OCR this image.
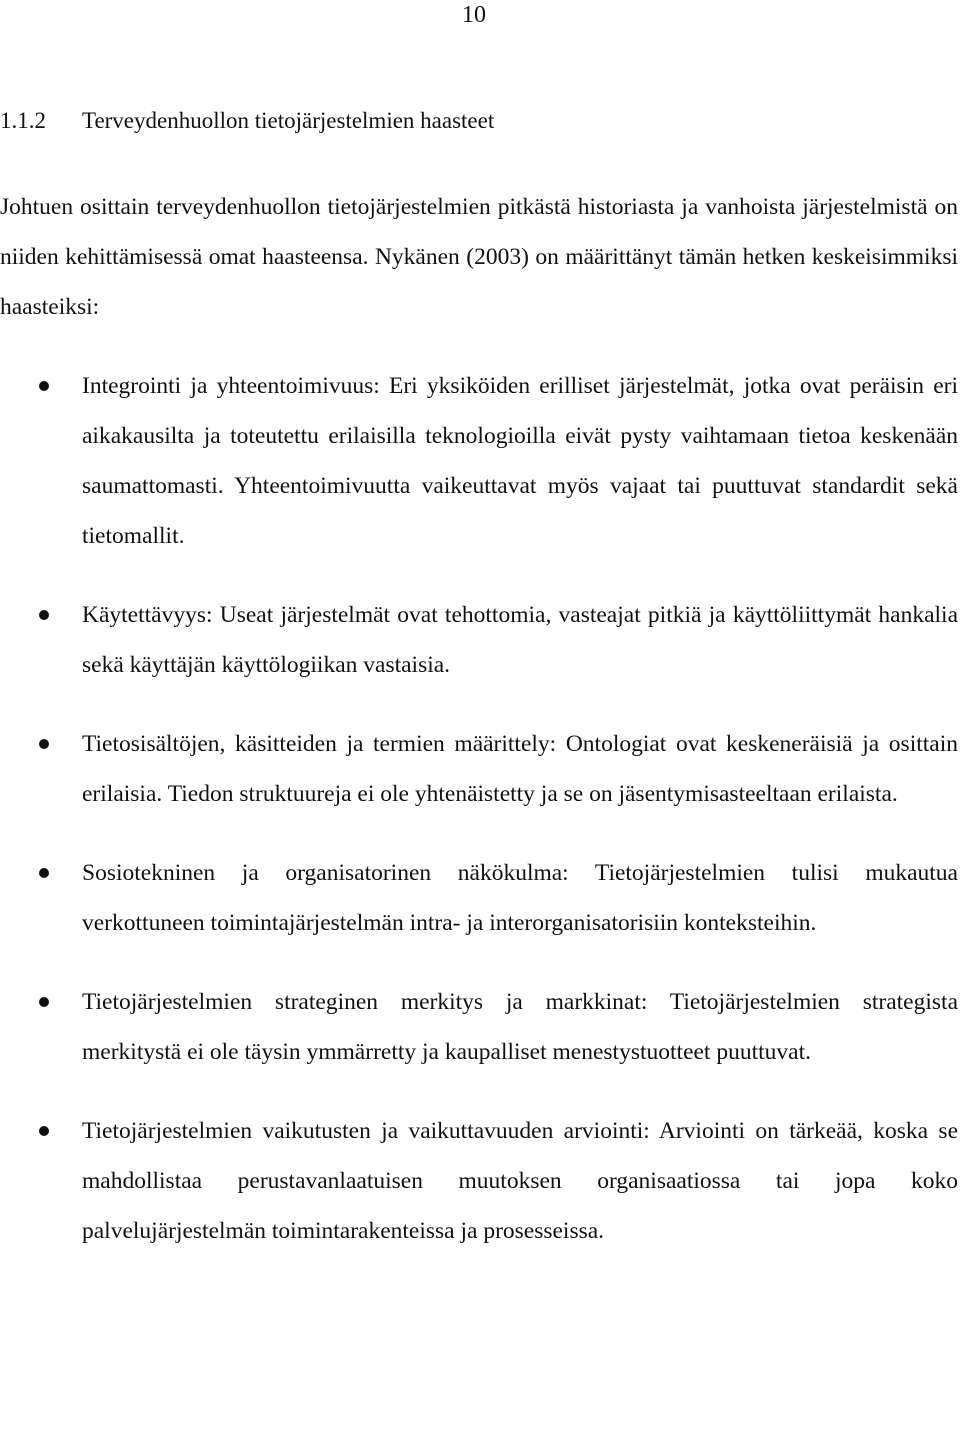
10
1.1.2 Terveydenhuollon tietojärjestelmien haasteet

Johtuen osittain terveydenhuollon tietojärjestelmien pitkästä historiasta ja vanhoista järjestelmistä on niiden kehittämisessä omat haasteensa. Nykänen (2003) on määrittänyt tämän hetken keskeisimmiksi haasteiksi:

Integrointi ja yhteentoimivuus: Eri yksiköiden erilliset järjestelmät, jotka ovat peräisin eri aikakausilta ja toteutettu erilaisilla teknologioilla eivät pysty vaihtamaan tietoa keskenään saumattomasti. Yhteentoimivuutta vaikeuttavat myös vajaat tai puuttuvat standardit sekä tietomallit.
Käytettävyys: Useat järjestelmät ovat tehottomia, vasteajat pitkiä ja käyttöliittymät hankalia sekä käyttäjän käyttölogiikan vastaisia.
Tietosisältöjen, käsitteiden ja termien määrittely: Ontologiat ovat keskeneräisiä ja osittain erilaisia. Tiedon struktuureja ei ole yhtenäistetty ja se on jäsentymisasteeltaan erilaista.
Sosiotekninen ja organisatorinen näkökulma: Tietojärjestelmien tulisi mukautua verkottuneen toimintajärjestelmän intra- ja interorganisatorisiin konteksteihin.
Tietojärjestelmien strateginen merkitys ja markkinat: Tietojärjestelmien strategista merkitystä ei ole täysin ymmärretty ja kaupalliset menestystuotteet puuttuvat.
Tietojärjestelmien vaikutusten ja vaikuttavuuden arviointi: Arviointi on tärkeää, koska se mahdollistaa perustavanlaatuisen muutoksen organisaatiossa tai jopa koko palvelujärjestelmän toimintarakenteissa ja prosesseissa.
